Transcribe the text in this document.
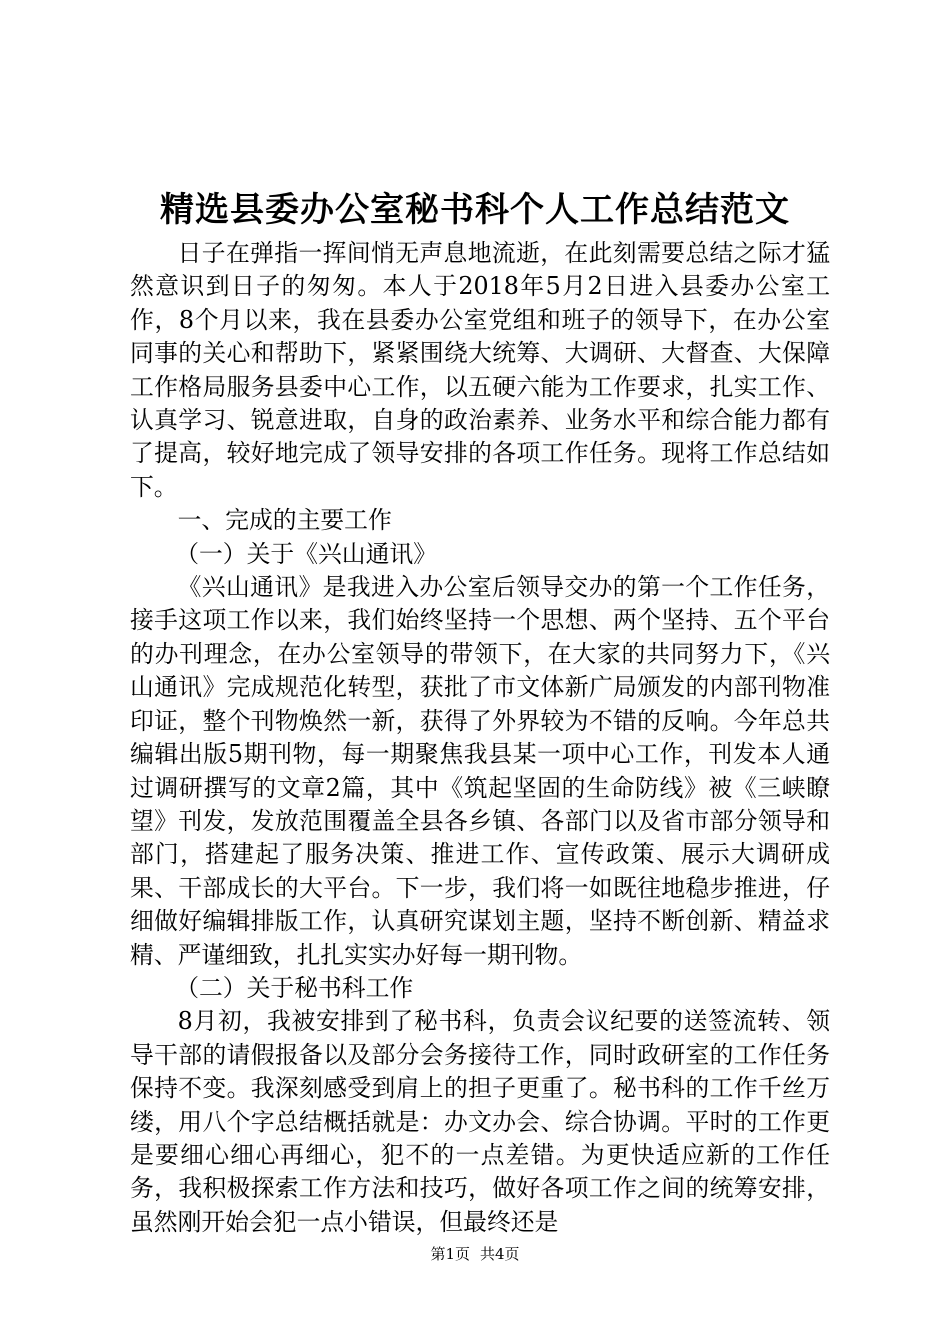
精选县委办公室秘书科个人工作总结范文

日子在弹指一挥间悄无声息地流逝，在此刻需要总结之际才猛然意识到日子的匆匆。本人于2018年5月2日进入县委办公室工作，8个月以来，我在县委办公室党组和班子的领导下，在办公室同事的关心和帮助下，紧紧围绕大统筹、大调研、大督查、大保障工作格局服务县委中心工作，以五硬六能为工作要求，扎实工作、认真学习、锐意进取，自身的政治素养、业务水平和综合能力都有了提高，较好地完成了领导安排的各项工作任务。现将工作总结如下。

一、完成的主要工作

（一）关于《兴山通讯》

《兴山通讯》是我进入办公室后领导交办的第一个工作任务，接手这项工作以来，我们始终坚持一个思想、两个坚持、五个平台的办刊理念，在办公室领导的带领下，在大家的共同努力下，《兴山通讯》完成规范化转型，获批了市文体新广局颁发的内部刊物准印证，整个刊物焕然一新，获得了外界较为不错的反响。今年总共编辑出版5期刊物，每一期聚焦我县某一项中心工作，刊发本人通过调研撰写的文章2篇，其中《筑起坚固的生命防线》被《三峡瞭望》刊发，发放范围覆盖全县各乡镇、各部门以及省市部分领导和部门，搭建起了服务决策、推进工作、宣传政策、展示大调研成果、干部成长的大平台。下一步，我们将一如既往地稳步推进，仔细做好编辑排版工作，认真研究谋划主题，坚持不断创新、精益求精、严谨细致，扎扎实实办好每一期刊物。

（二）关于秘书科工作

8月初，我被安排到了秘书科，负责会议纪要的送签流转、领导干部的请假报备以及部分会务接待工作，同时政研室的工作任务保持不变。我深刻感受到肩上的担子更重了。秘书科的工作千丝万缕，用八个字总结概括就是：办文办会、综合协调。平时的工作更是要细心细心再细心，犯不的一点差错。为更快适应新的工作任务，我积极探索工作方法和技巧，做好各项工作之间的统筹安排，虽然刚开始会犯一点小错误，但最终还是

第1页 共4页
